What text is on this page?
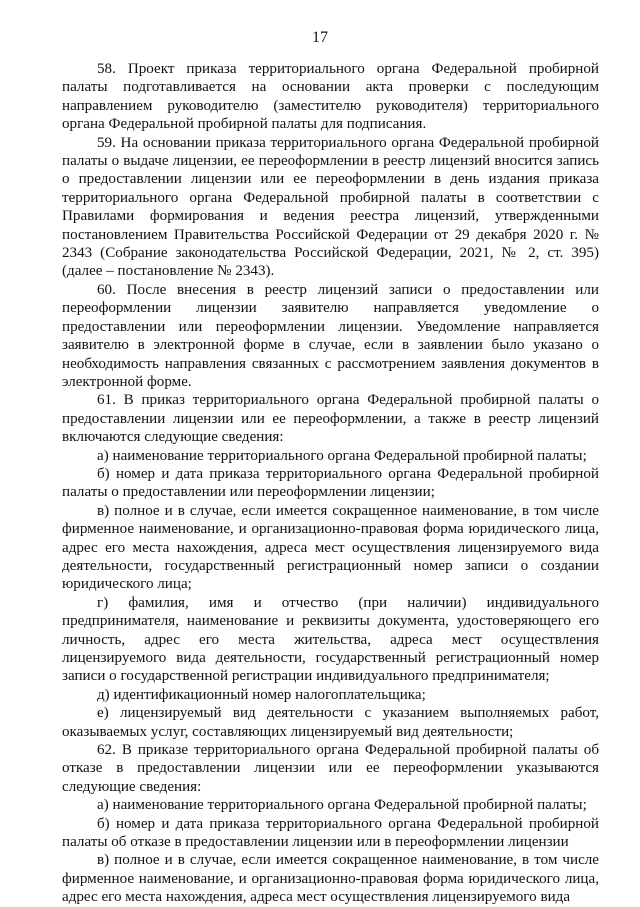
17

58. Проект приказа территориального органа Федеральной пробирной палаты подготавливается на основании акта проверки с последующим направлением руководителю (заместителю руководителя) территориального органа Федеральной пробирной палаты для подписания.

59. На основании приказа территориального органа Федеральной пробирной палаты о выдаче лицензии, ее переоформлении в реестр лицензий вносится запись о предоставлении лицензии или ее переоформлении в день издания приказа территориального органа Федеральной пробирной палаты в соответствии с Правилами формирования и ведения реестра лицензий, утвержденными постановлением Правительства Российской Федерации от 29 декабря 2020 г. № 2343 (Собрание законодательства Российской Федерации, 2021, № 2, ст. 395) (далее – постановление № 2343).

60. После внесения в реестр лицензий записи о предоставлении или переоформлении лицензии заявителю направляется уведомление о предоставлении или переоформлении лицензии. Уведомление направляется заявителю в электронной форме в случае, если в заявлении было указано о необходимость направления связанных с рассмотрением заявления документов в электронной форме.

61. В приказ территориального органа Федеральной пробирной палаты о предоставлении лицензии или ее переоформлении, а также в реестр лицензий включаются следующие сведения:

а) наименование территориального органа Федеральной пробирной палаты;

б) номер и дата приказа территориального органа Федеральной пробирной палаты о предоставлении или переоформлении лицензии;

в) полное и в случае, если имеется сокращенное наименование, в том числе фирменное наименование, и организационно-правовая форма юридического лица, адрес его места нахождения, адреса мест осуществления лицензируемого вида деятельности, государственный регистрационный номер записи о создании юридического лица;

г) фамилия, имя и отчество (при наличии) индивидуального предпринимателя, наименование и реквизиты документа, удостоверяющего его личность, адрес его места жительства, адреса мест осуществления лицензируемого вида деятельности, государственный регистрационный номер записи о государственной регистрации индивидуального предпринимателя;

д) идентификационный номер налогоплательщика;

е) лицензируемый вид деятельности с указанием выполняемых работ, оказываемых услуг, составляющих лицензируемый вид деятельности;

62. В приказе территориального органа Федеральной пробирной палаты об отказе в предоставлении лицензии или ее переоформлении указываются следующие сведения:

а) наименование территориального органа Федеральной пробирной палаты;

б) номер и дата приказа территориального органа Федеральной пробирной палаты об отказе в предоставлении лицензии или в переоформлении лицензии

в) полное и в случае, если имеется сокращенное наименование, в том числе фирменное наименование, и организационно-правовая форма юридического лица, адрес его места нахождения, адреса мест осуществления лицензируемого вида
